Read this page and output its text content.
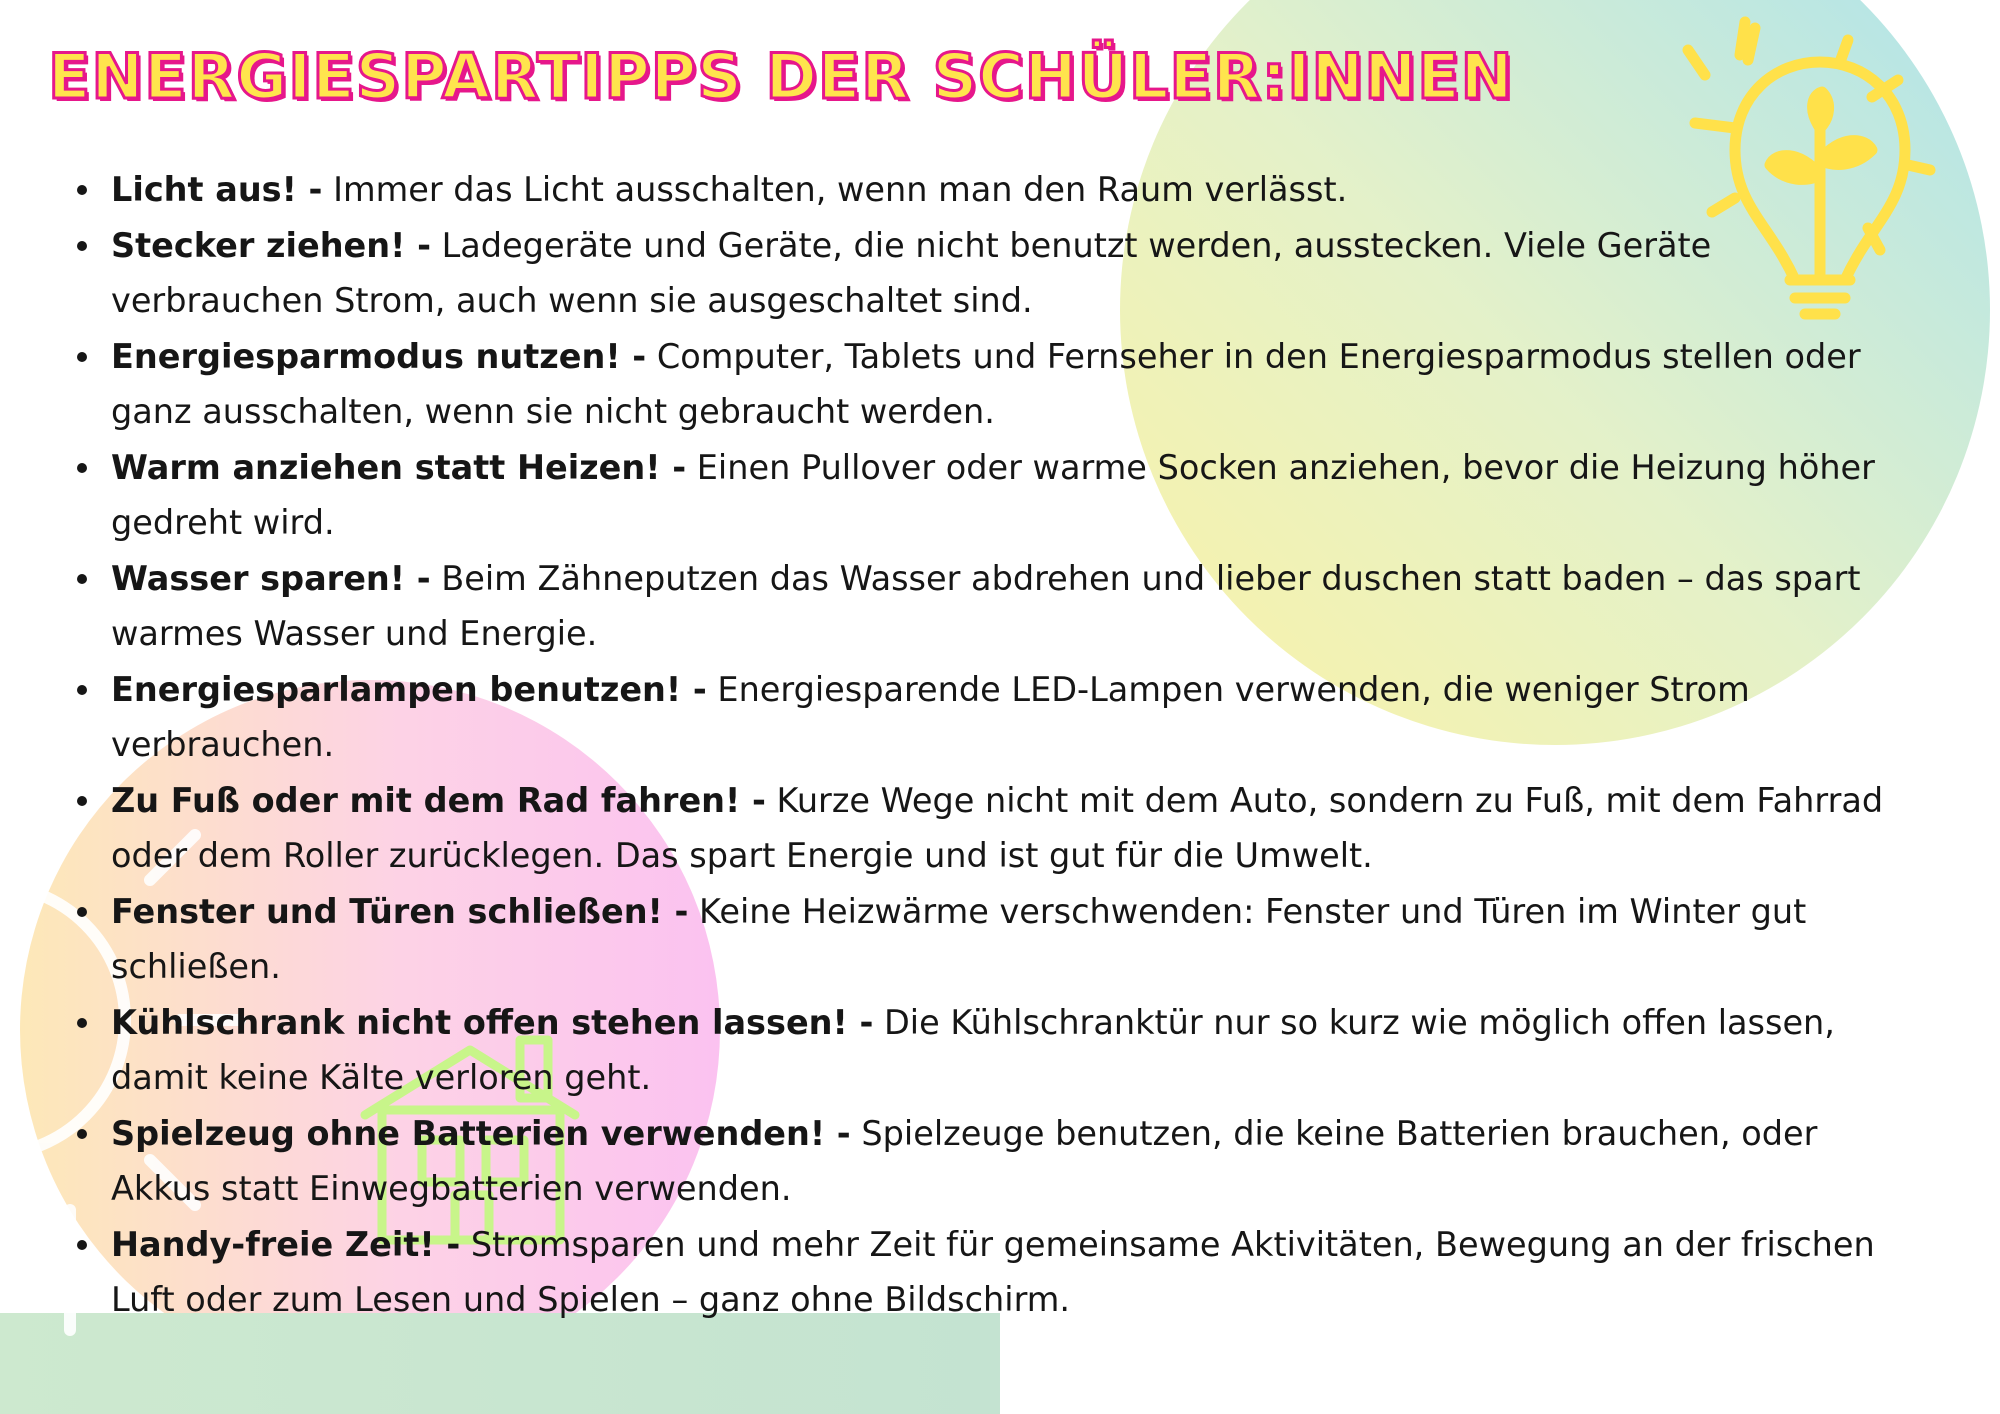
ENERGIESPARTIPPS DER SCHÜLER:INNEN
Licht aus! - Immer das Licht ausschalten, wenn man den Raum verlässt.
Stecker ziehen! - Ladegeräte und Geräte, die nicht benutzt werden, ausstecken. Viele Geräte verbrauchen Strom, auch wenn sie ausgeschaltet sind.
Energiesparmodus nutzen! - Computer, Tablets und Fernseher in den Energiesparmodus stellen oder ganz ausschalten, wenn sie nicht gebraucht werden.
Warm anziehen statt Heizen! - Einen Pullover oder warme Socken anziehen, bevor die Heizung höher gedreht wird.
Wasser sparen! - Beim Zähneputzen das Wasser abdrehen und lieber duschen statt baden – das spart warmes Wasser und Energie.
Energiesparlampen benutzen! - Energiesparende LED-Lampen verwenden, die weniger Strom verbrauchen.
Zu Fuß oder mit dem Rad fahren! - Kurze Wege nicht mit dem Auto, sondern zu Fuß, mit dem Fahrrad oder dem Roller zurücklegen. Das spart Energie und ist gut für die Umwelt.
Fenster und Türen schließen! - Keine Heizwärme verschwenden: Fenster und Türen im Winter gut schließen.
Kühlschrank nicht offen stehen lassen! - Die Kühlschranktür nur so kurz wie möglich offen lassen, damit keine Kälte verloren geht.
Spielzeug ohne Batterien verwenden! - Spielzeuge benutzen, die keine Batterien brauchen, oder Akkus statt Einwegbatterien verwenden.
Handy-freie Zeit! - Stromsparen und mehr Zeit für gemeinsame Aktivitäten, Bewegung an der frischen Luft oder zum Lesen und Spielen – ganz ohne Bildschirm.
